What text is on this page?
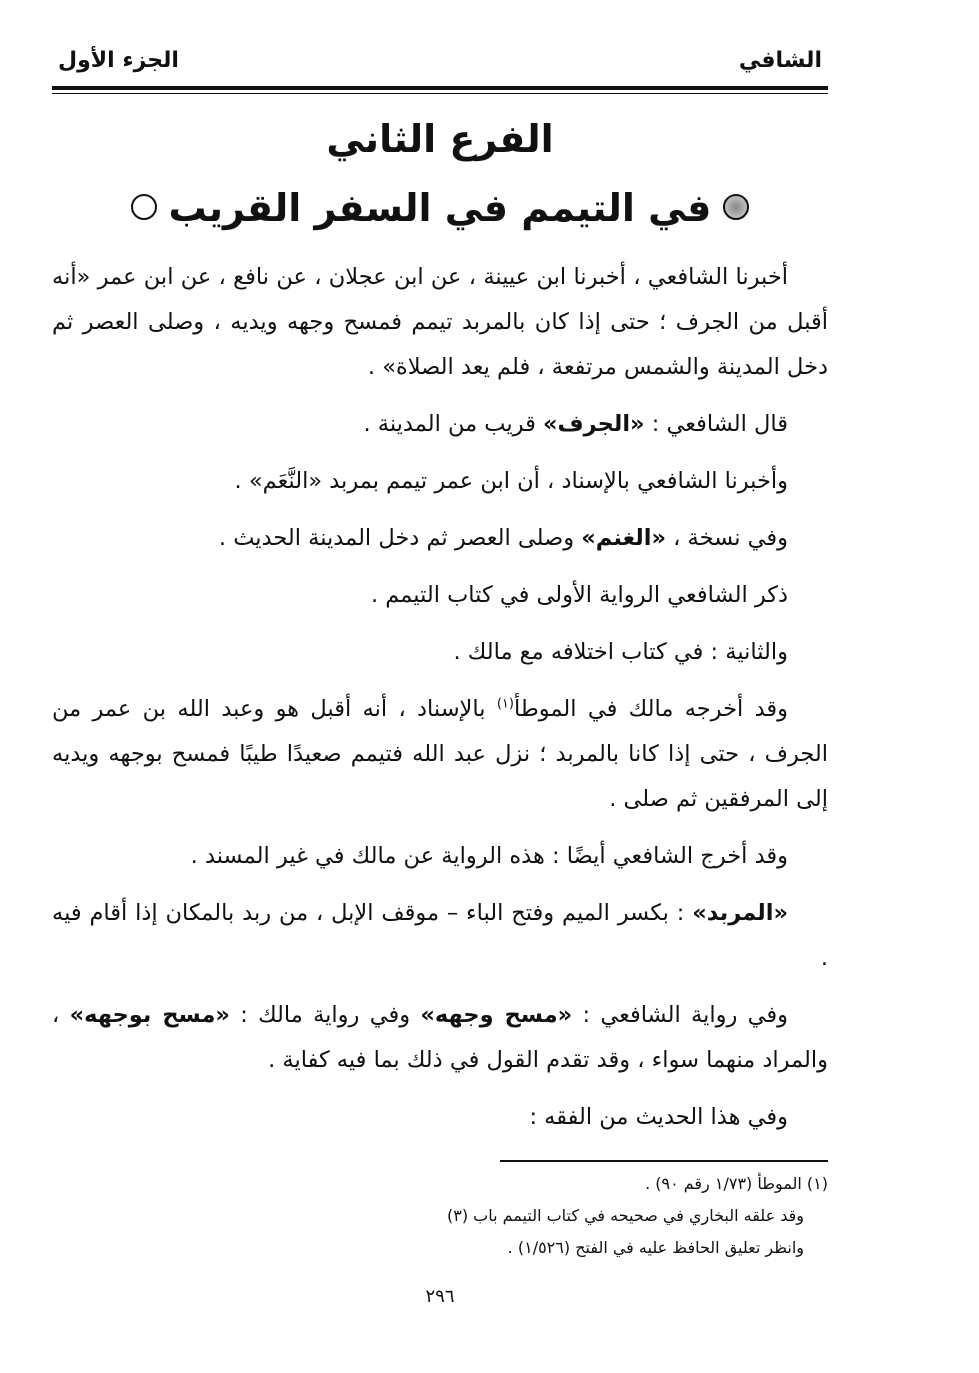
الشافي
الجزء الأول
الفرع الثاني
في التيمم في السفر القريب

أخبرنا الشافعي ، أخبرنا ابن عيينة ، عن ابن عجلان ، عن نافع ، عن ابن عمر «أنه أقبل من الجرف ؛ حتى إذا كان بالمربد تيمم فمسح وجهه ويديه ، وصلى العصر ثم دخل المدينة والشمس مرتفعة ، فلم يعد الصلاة» .

قال الشافعي : «الجرف» قريب من المدينة .

وأخبرنا الشافعي بالإسناد ، أن ابن عمر تيمم بمربد «النَّعَم» .

وفي نسخة ، «الغنم» وصلى العصر ثم دخل المدينة الحديث .

ذكر الشافعي الرواية الأولى في كتاب التيمم .

والثانية : في كتاب اختلافه مع مالك .

وقد أخرجه مالك في الموطأ$^{(١)}$ بالإسناد ، أنه أقبل هو وعبد الله بن عمر من الجرف ، حتى إذا كانا بالمربد ؛ نزل عبد الله فتيمم صعيدًا طيبًا فمسح بوجهه ويديه إلى المرفقين ثم صلى .

وقد أخرج الشافعي أيضًا : هذه الرواية عن مالك في غير المسند .

«المربد» : بكسر الميم وفتح الباء – موقف الإبل ، من ربد بالمكان إذا أقام فيه .

وفي رواية الشافعي : «مسح وجهه» وفي رواية مالك : «مسح بوجهه» ، والمراد منهما سواء ، وقد تقدم القول في ذلك بما فيه كفاية .

وفي هذا الحديث من الفقه :

(١) الموطأ (١/٧٣ رقم ٩٠) .

وقد علقه البخاري في صحيحه في كتاب التيمم باب (٣)

وانظر تعليق الحافظ عليه في الفتح (١/٥٢٦) .

٢٩٦
